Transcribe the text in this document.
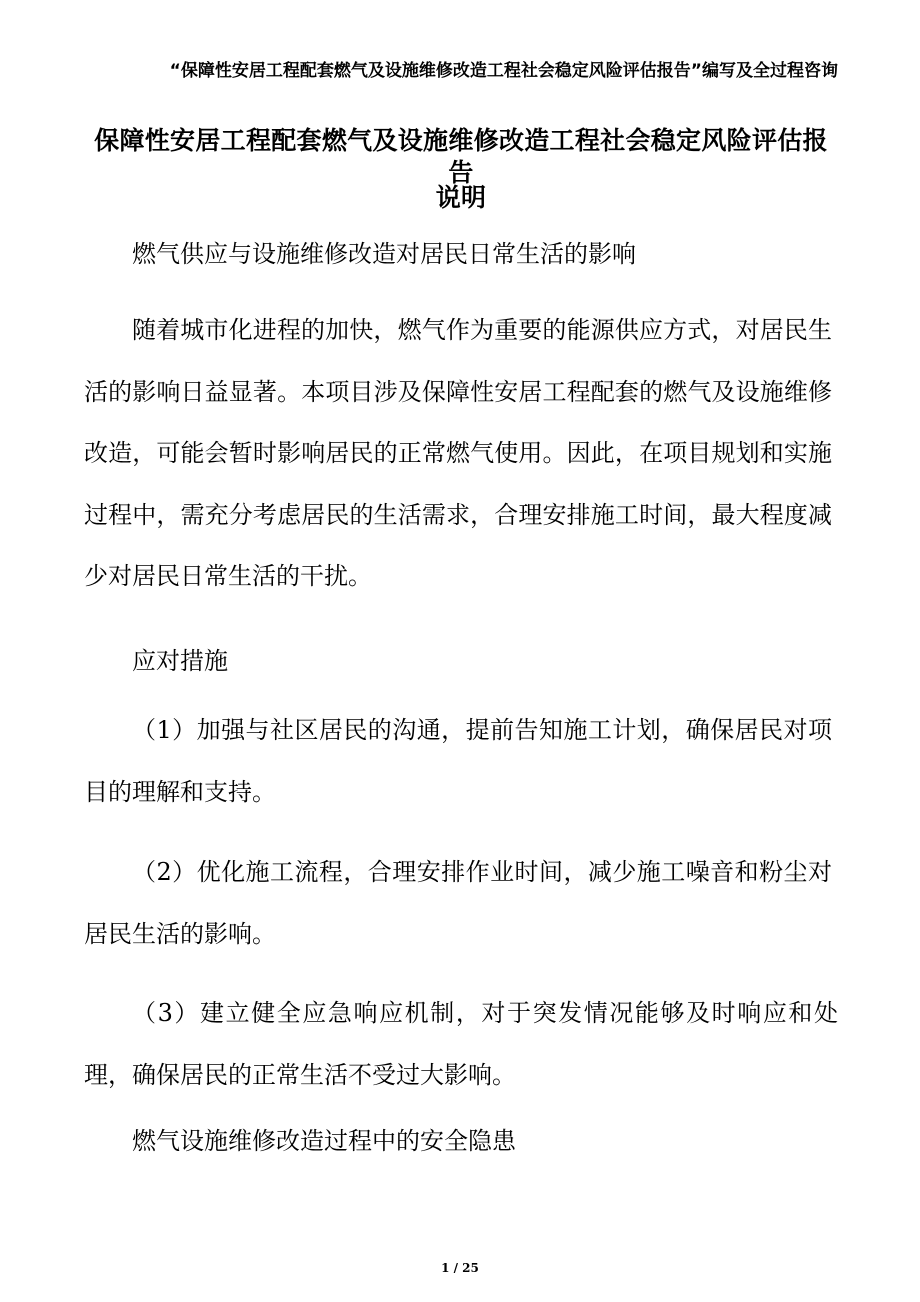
“保障性安居工程配套燃气及设施维修改造工程社会稳定风险评估报告”编写及全过程咨询
保障性安居工程配套燃气及设施维修改造工程社会稳定风险评估报告
说明
燃气供应与设施维修改造对居民日常生活的影响
随着城市化进程的加快，燃气作为重要的能源供应方式，对居民生活的影响日益显著。本项目涉及保障性安居工程配套的燃气及设施维修改造，可能会暂时影响居民的正常燃气使用。因此，在项目规划和实施过程中，需充分考虑居民的生活需求，合理安排施工时间，最大程度减少对居民日常生活的干扰。
应对措施
（1）加强与社区居民的沟通，提前告知施工计划，确保居民对项目的理解和支持。
（2）优化施工流程，合理安排作业时间，减少施工噪音和粉尘对居民生活的影响。
（3）建立健全应急响应机制，对于突发情况能够及时响应和处理，确保居民的正常生活不受过大影响。
燃气设施维修改造过程中的安全隐患
1 / 25
